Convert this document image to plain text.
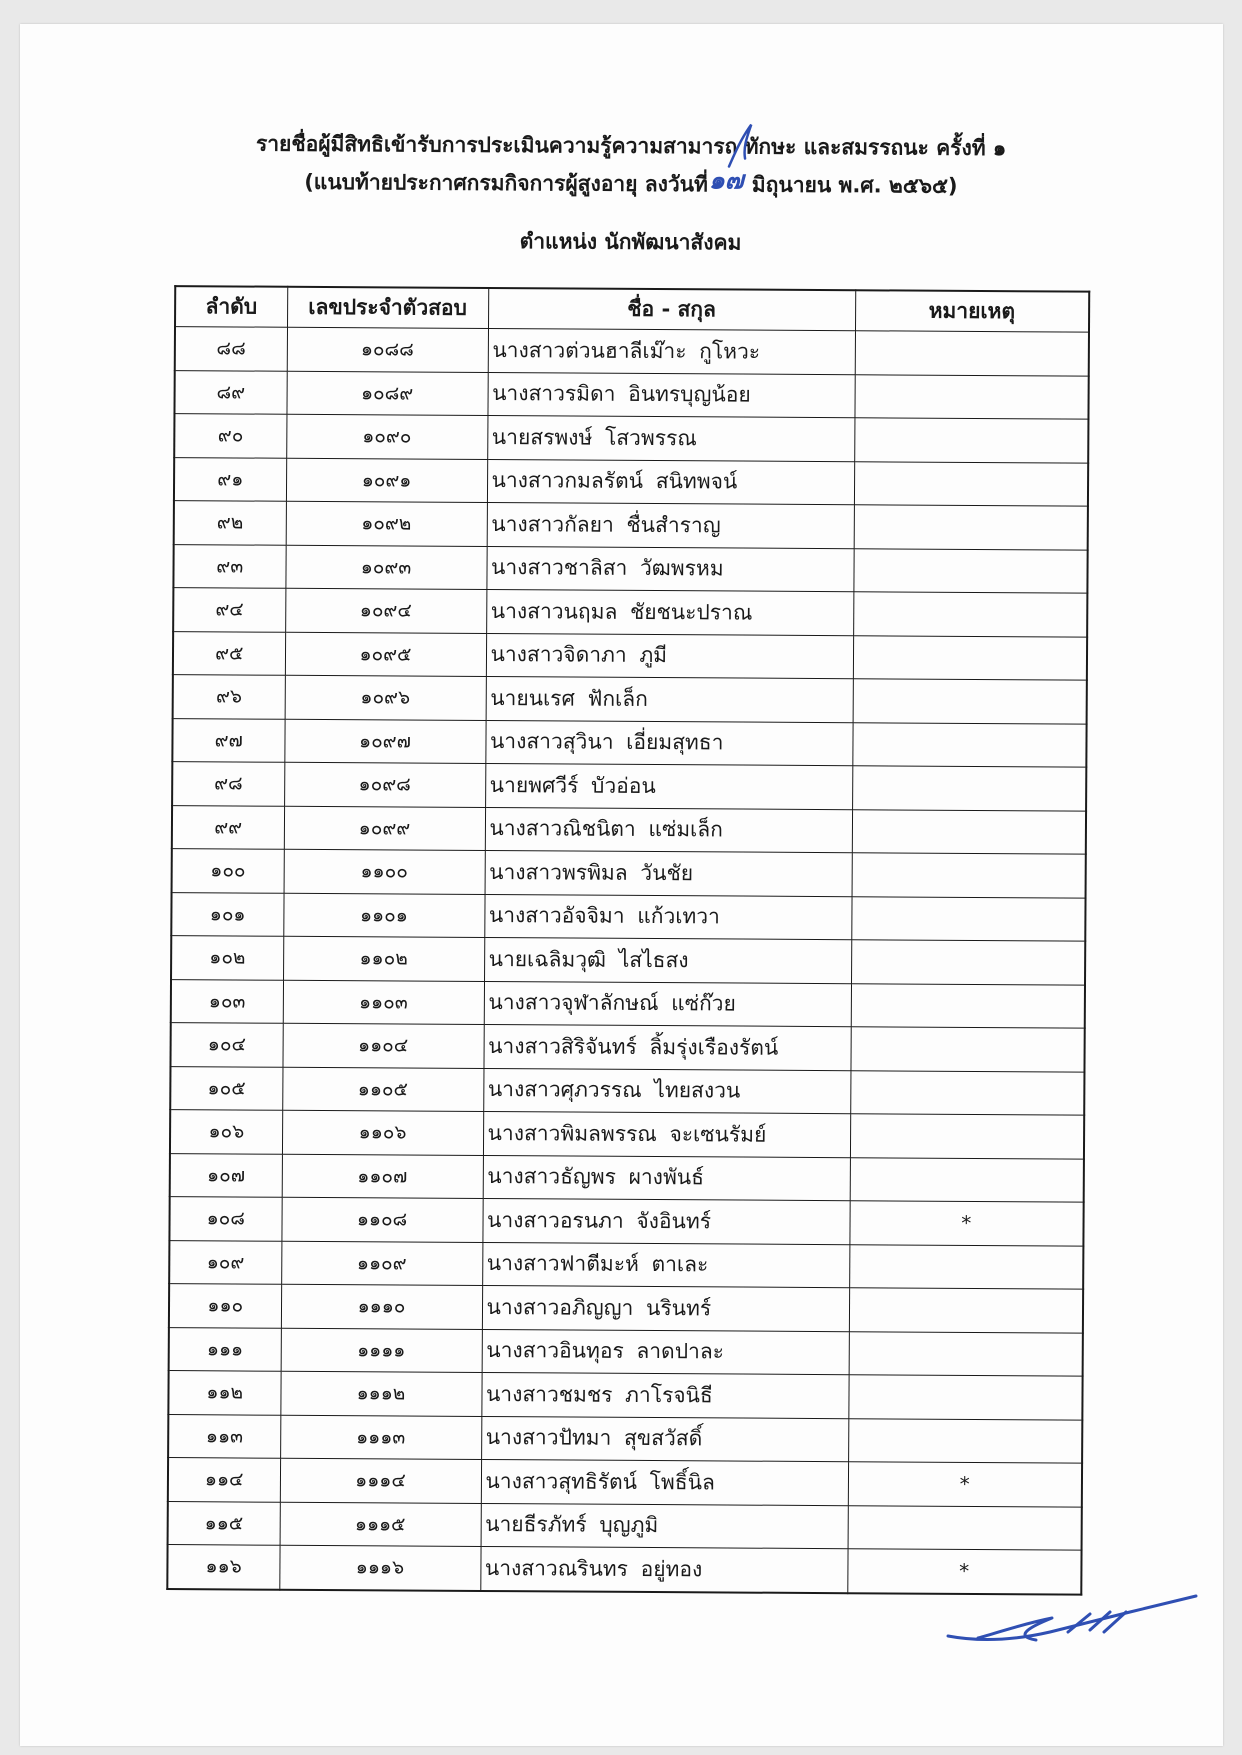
รายชื่อผู้มีสิทธิเข้ารับการประเมินความรู้ความสามารถ ทักษะ และสมรรถนะ ครั้งที่ ๑
(แนบท้ายประกาศกรมกิจการผู้สูงอายุ ลงวันที่๑๗ มิถุนายน พ.ศ. ๒๕๖๕)
ตำแหน่ง นักพัฒนาสังคม
ลำดับ	เลขประจำตัวสอบ	ชื่อ - สกุล	หมายเหตุ
๘๘	๑๐๘๘	นางสาวต่วนฮาลีเม๊าะ กูโหวะ	
๘๙	๑๐๘๙	นางสาวรมิดา อินทรบุญน้อย	
๙๐	๑๐๙๐	นายสรพงษ์ โสวพรรณ	
๙๑	๑๐๙๑	นางสาวกมลรัตน์ สนิทพจน์	
๙๒	๑๐๙๒	นางสาวกัลยา ชื่นสำราญ	
๙๓	๑๐๙๓	นางสาวชาลิสา วัฒพรหม	
๙๔	๑๐๙๔	นางสาวนฤมล ชัยชนะปราณ	
๙๕	๑๐๙๕	นางสาวจิดาภา ภูมี	
๙๖	๑๐๙๖	นายนเรศ ฟักเล็ก	
๙๗	๑๐๙๗	นางสาวสุวินา เอี่ยมสุทธา	
๙๘	๑๐๙๘	นายพศวีร์ บัวอ่อน	
๙๙	๑๐๙๙	นางสาวณิชนิตา แซ่มเล็ก	
๑๐๐	๑๑๐๐	นางสาวพรพิมล วันชัย	
๑๐๑	๑๑๐๑	นางสาวอัจจิมา แก้วเทวา	
๑๐๒	๑๑๐๒	นายเฉลิมวุฒิ ไสไธสง	
๑๐๓	๑๑๐๓	นางสาวจุฬาลักษณ์ แซ่ก๊วย	
๑๐๔	๑๑๐๔	นางสาวสิริจันทร์ ลิ้มรุ่งเรืองรัตน์	
๑๐๕	๑๑๐๕	นางสาวศุภวรรณ ไทยสงวน	
๑๐๖	๑๑๐๖	นางสาวพิมลพรรณ จะเซนรัมย์	
๑๐๗	๑๑๐๗	นางสาวธัญพร ผางพันธ์	
๑๐๘	๑๑๐๘	นางสาวอรนภา จังอินทร์	*
๑๐๙	๑๑๐๙	นางสาวฟาตีมะห์ ตาเละ	
๑๑๐	๑๑๑๐	นางสาวอภิญญา นรินทร์	
๑๑๑	๑๑๑๑	นางสาวอินทุอร ลาดปาละ	
๑๑๒	๑๑๑๒	นางสาวชมชร ภาโรจนิธี	
๑๑๓	๑๑๑๓	นางสาวปัทมา สุขสวัสดิ์	
๑๑๔	๑๑๑๔	นางสาวสุทธิรัตน์ โพธิ์นิล	*
๑๑๕	๑๑๑๕	นายธีรภัทร์ บุญภูมิ	
๑๑๖	๑๑๑๖	นางสาวณรินทร อยู่ทอง	*
